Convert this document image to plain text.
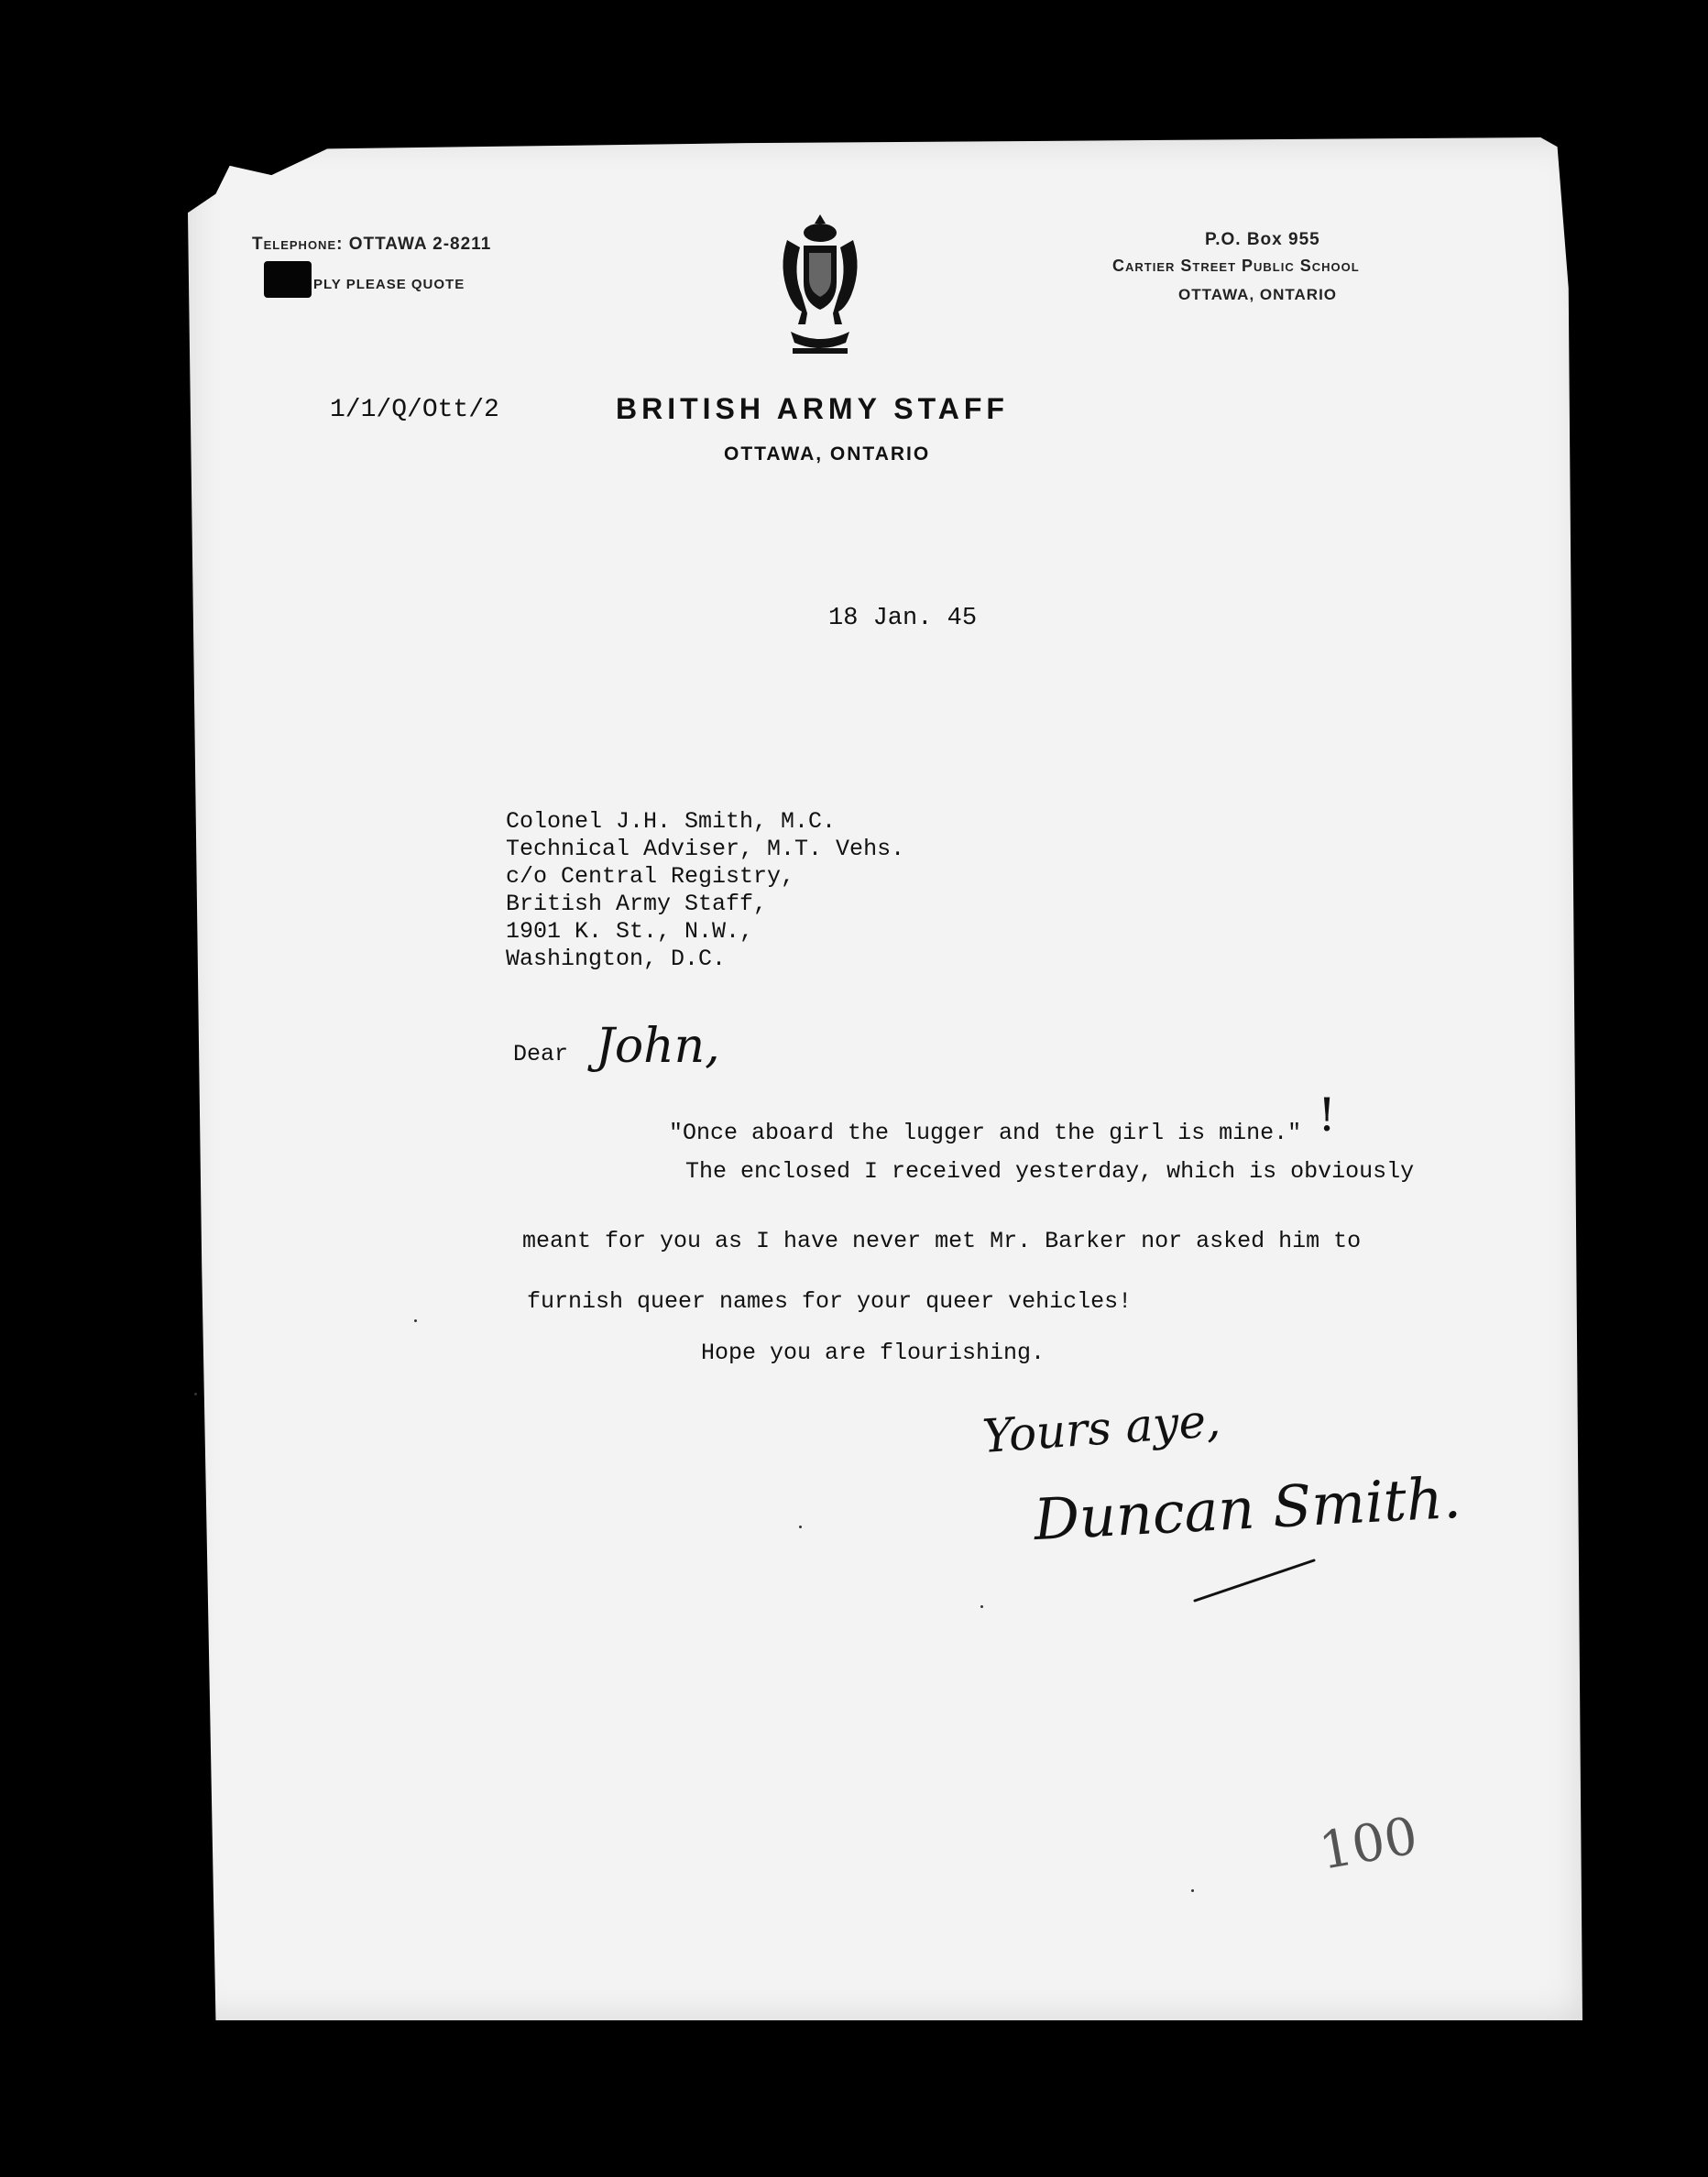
Telephone: OTTAWA 2-8211
PLY PLEASE QUOTE
P.O. Box 955
Cartier Street Public School
OTTAWA, ONTARIO
1/1/Q/Ott/2	BRITISH ARMY STAFF
OTTAWA, ONTARIO
18 Jan. 45
Colonel J.H. Smith, M.C.
Technical Adviser, M.T. Vehs.
c/o Central Registry,
British Army Staff,
1901 K. St., N.W.,
Washington, D.C.
Dear John,
"Once aboard the lugger and the girl is mine." !
The enclosed I received yesterday, which is obviously
meant for you as I have never met Mr. Barker nor asked him to
furnish queer names for your queer vehicles!
Hope you are flourishing.
Yours aye,
Duncan Smith.
100
